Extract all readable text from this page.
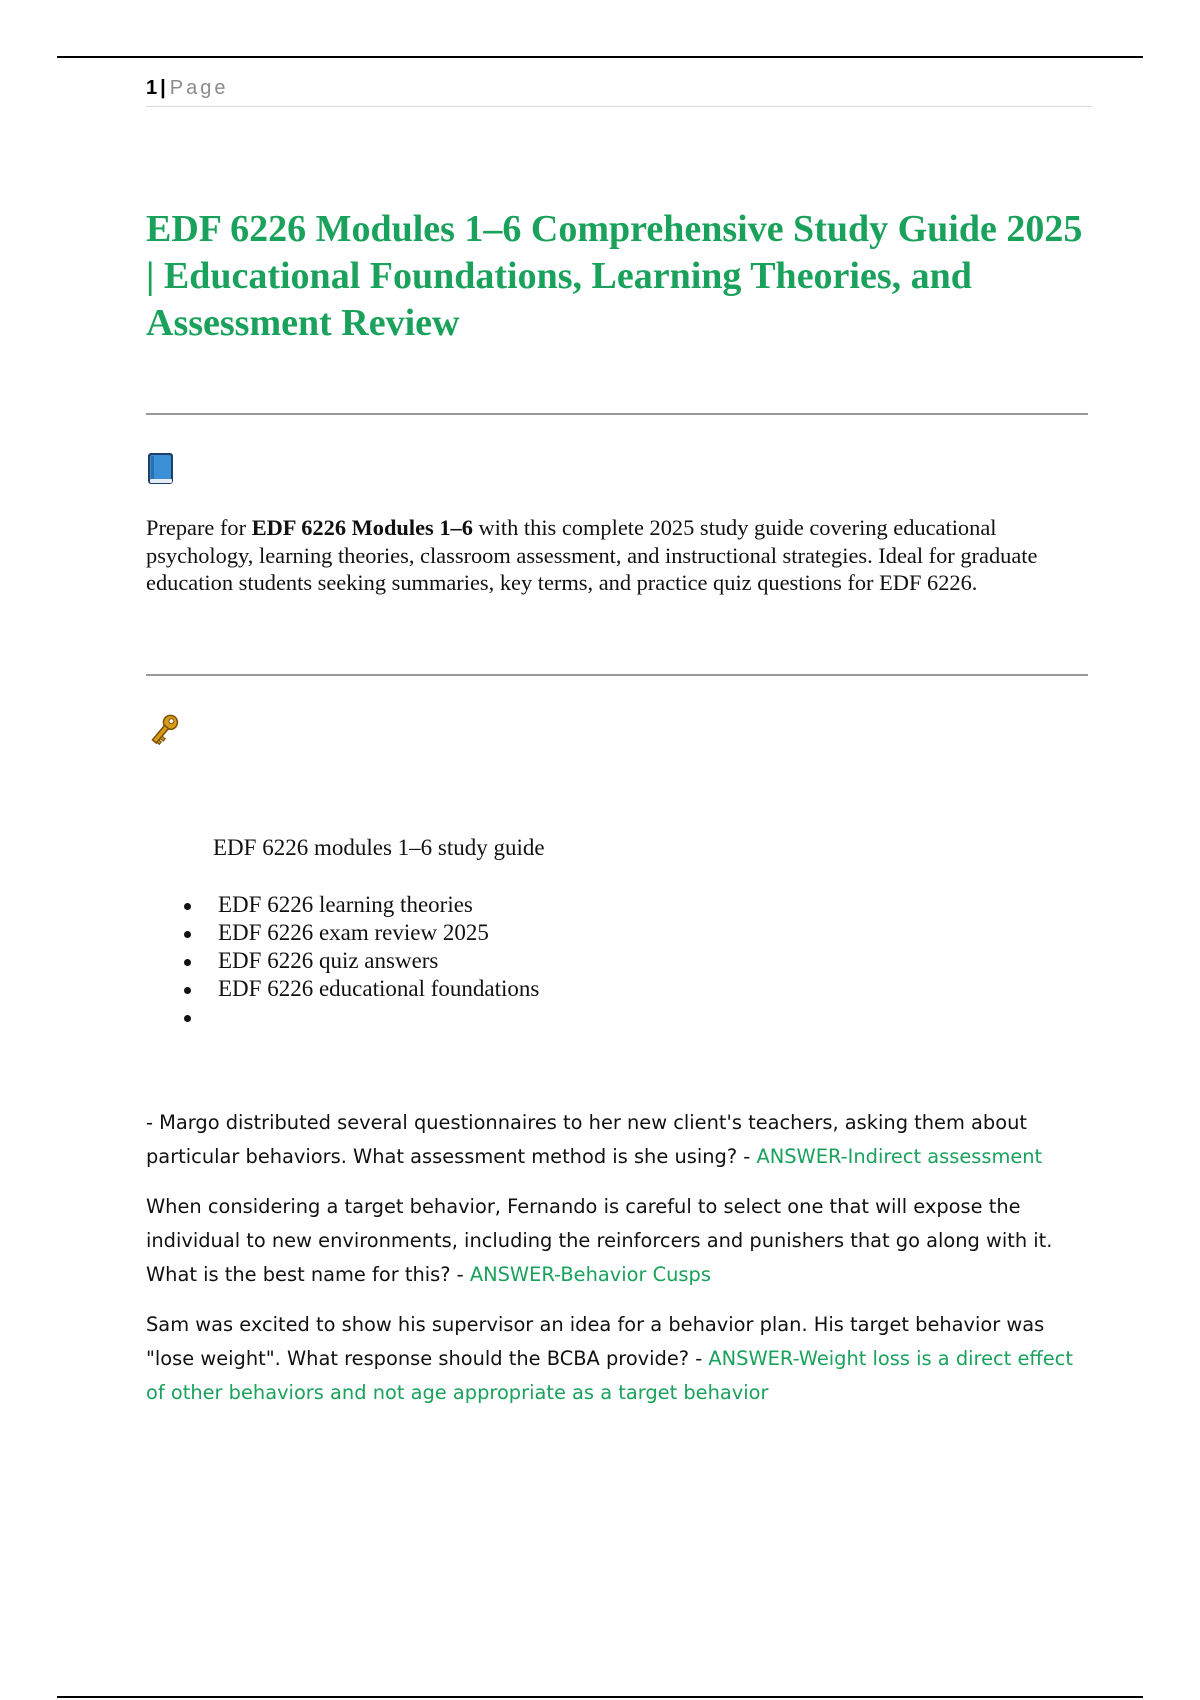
1 | Page
EDF 6226 Modules 1–6 Comprehensive Study Guide 2025 | Educational Foundations, Learning Theories, and Assessment Review

Prepare for EDF 6226 Modules 1–6 with this complete 2025 study guide covering educational psychology, learning theories, classroom assessment, and instructional strategies. Ideal for graduate education students seeking summaries, key terms, and practice quiz questions for EDF 6226.

EDF 6226 modules 1–6 study guide
EDF 6226 learning theories
EDF 6226 exam review 2025
EDF 6226 quiz answers
EDF 6226 educational foundations

- Margo distributed several questionnaires to her new client's teachers, asking them about particular behaviors. What assessment method is she using? - ANSWER-Indirect assessment

When considering a target behavior, Fernando is careful to select one that will expose the individual to new environments, including the reinforcers and punishers that go along with it. What is the best name for this? - ANSWER-Behavior Cusps

Sam was excited to show his supervisor an idea for a behavior plan. His target behavior was "lose weight". What response should the BCBA provide? - ANSWER-Weight loss is a direct effect of other behaviors and not age appropriate as a target behavior
